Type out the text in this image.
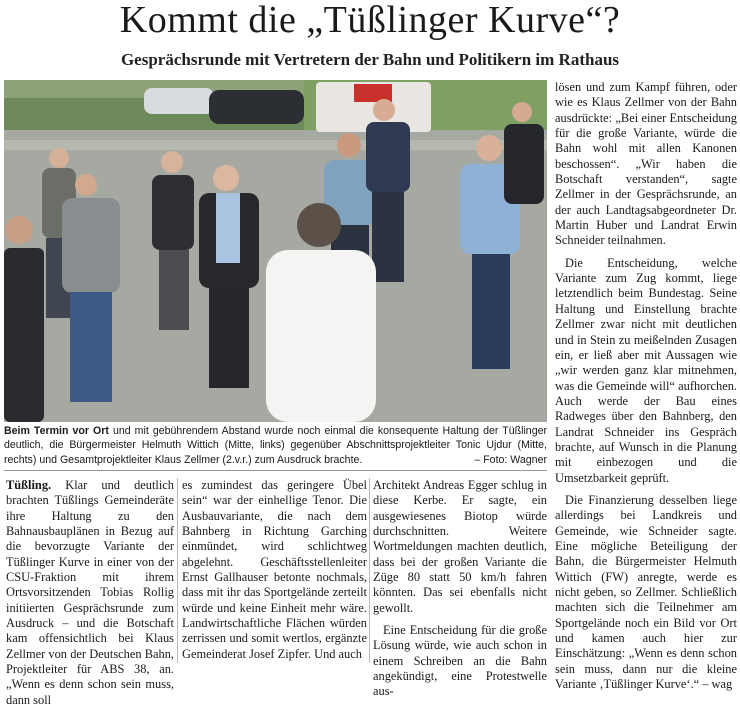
Kommt die „Tüßlinger Kurve“?
Gesprächsrunde mit Vertretern der Bahn und Politikern im Rathaus
Beim Termin vor Ort und mit gebührendem Abstand wurde noch einmal die konsequente Haltung der Tüßlinger deutlich, die Bürgermeister Helmuth Wittich (Mitte, links) gegenüber Abschnittsprojektleiter Tonic Ujdur (Mitte, rechts) und Gesamtprojektleiter Klaus Zellmer (2.v.r.) zum Ausdruck brachte.	– Foto: Wagner

Tüßling. Klar und deutlich brachten Tüßlings Gemeinderäte ihre Haltung zu den Bahnausbauplänen in Bezug auf die bevorzugte Variante der Tüßlinger Kurve in einer von der CSU-Fraktion mit ihrem Ortsvorsitzenden Tobias Rollig initiierten Gesprächsrunde zum Ausdruck – und die Botschaft kam offensichtlich bei Klaus Zellmer von der Deutschen Bahn, Projektleiter für ABS 38, an. „Wenn es denn schon sein muss, dann soll

es zumindest das geringere Übel sein“ war der einhellige Tenor. Die Ausbauvariante, die nach dem Bahnberg in Richtung Garching einmündet, wird schlichtweg abgelehnt. Geschäftsstellenleiter Ernst Gallhauser betonte nochmals, dass mit ihr das Sportgelände zerteilt würde und keine Einheit mehr wäre. Landwirtschaftliche Flächen würden zerrissen und somit wertlos, ergänzte Gemeinderat Josef Zipfer. Und auch

Architekt Andreas Egger schlug in diese Kerbe. Er sagte, ein ausgewiesenes Biotop würde durchschnitten. Weitere Wortmeldungen machten deutlich, dass bei der großen Variante die Züge 80 statt 50 km/h fahren könnten. Das sei ebenfalls nicht gewollt.

Eine Entscheidung für die große Lösung würde, wie auch schon in einem Schreiben an die Bahn angekündigt, eine Protestwelle aus-

lösen und zum Kampf führen, oder wie es Klaus Zellmer von der Bahn ausdrückte: „Bei einer Entscheidung für die große Variante, würde die Bahn wohl mit allen Kanonen beschossen“. „Wir haben die Botschaft verstanden“, sagte Zellmer in der Gesprächsrunde, an der auch Landtagsabgeordneter Dr. Martin Huber und Landrat Erwin Schneider teilnahmen.

Die Entscheidung, welche Variante zum Zug kommt, liege letztendlich beim Bundestag. Seine Haltung und Einstellung brachte Zellmer zwar nicht mit deutlichen und in Stein zu meißelnden Zusagen ein, er ließ aber mit Aussagen wie „wir werden ganz klar mitnehmen, was die Gemeinde will“ aufhorchen. Auch werde der Bau eines Radweges über den Bahnberg, den Landrat Schneider ins Gespräch brachte, auf Wunsch in die Planung mit einbezogen und die Umsetzbarkeit geprüft.

Die Finanzierung desselben liege allerdings bei Landkreis und Gemeinde, wie Schneider sagte. Eine mögliche Beteiligung der Bahn, die Bürgermeister Helmuth Wittich (FW) anregte, werde es nicht geben, so Zellmer. Schließlich machten sich die Teilnehmer am Sportgelände noch ein Bild vor Ort und kamen auch hier zur Einschätzung: „Wenn es denn schon sein muss, dann nur die kleine Variante ‚Tüßlinger Kurve‘.“ – wag
